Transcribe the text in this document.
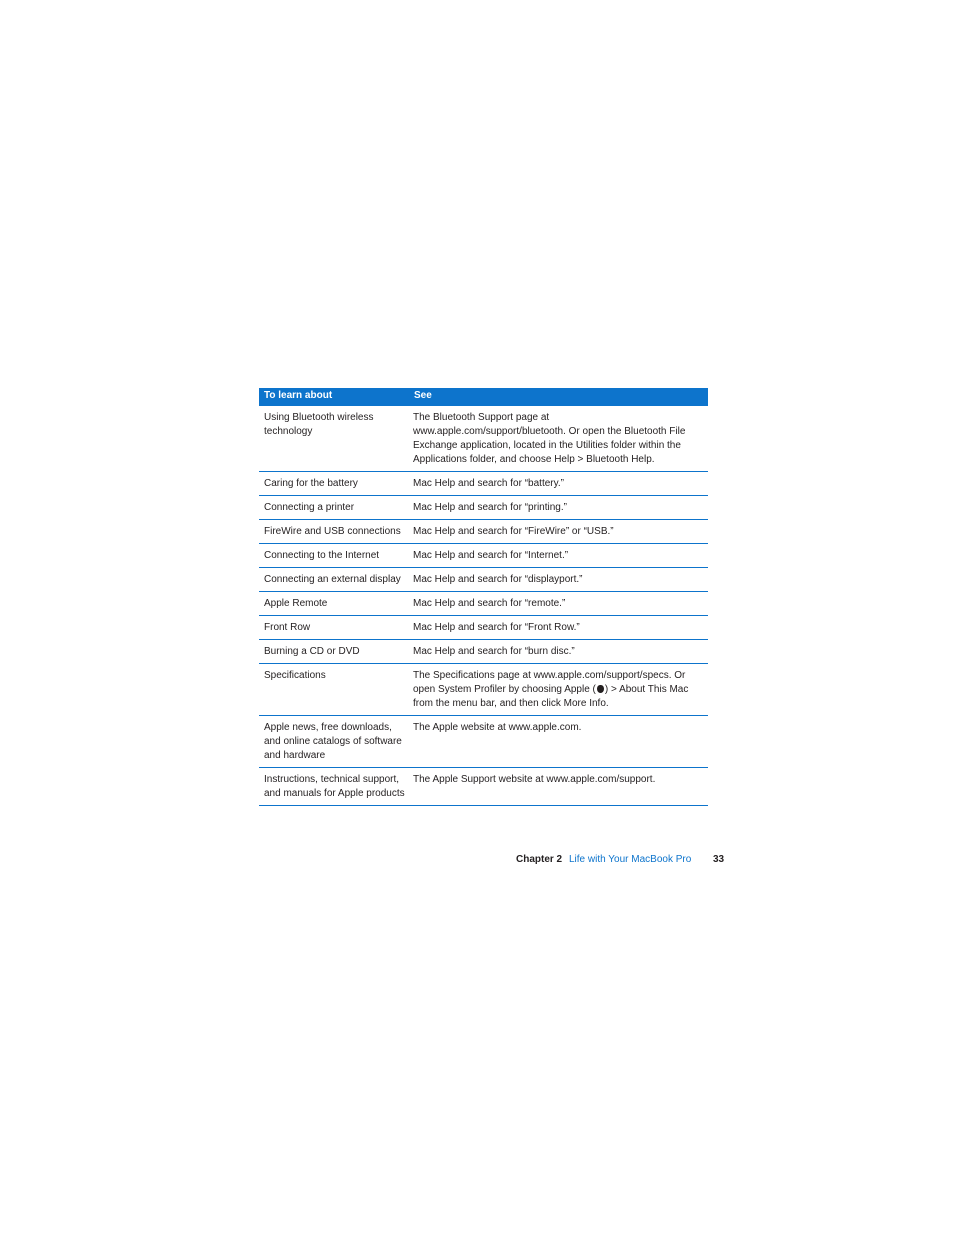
To learn about	See
Using Bluetooth wireless technology	The Bluetooth Support page at www.apple.com/support/bluetooth. Or open the Bluetooth File Exchange application, located in the Utilities folder within the Applications folder, and choose Help > Bluetooth Help.
Caring for the battery	Mac Help and search for “battery.”
Connecting a printer	Mac Help and search for “printing.”
FireWire and USB connections	Mac Help and search for “FireWire” or “USB.”
Connecting to the Internet	Mac Help and search for “Internet.”
Connecting an external display	Mac Help and search for “displayport.”
Apple Remote	Mac Help and search for “remote.”
Front Row	Mac Help and search for “Front Row.”
Burning a CD or DVD	Mac Help and search for “burn disc.”
Specifications	The Specifications page at www.apple.com/support/specs. Or open System Profiler by choosing Apple ( ) > About This Mac from the menu bar, and then click More Info.
Apple news, free downloads, and online catalogs of software and hardware	The Apple website at www.apple.com.
Instructions, technical support, and manuals for Apple products	The Apple Support website at www.apple.com/support.
Chapter 2 Life with Your MacBook Pro 33
